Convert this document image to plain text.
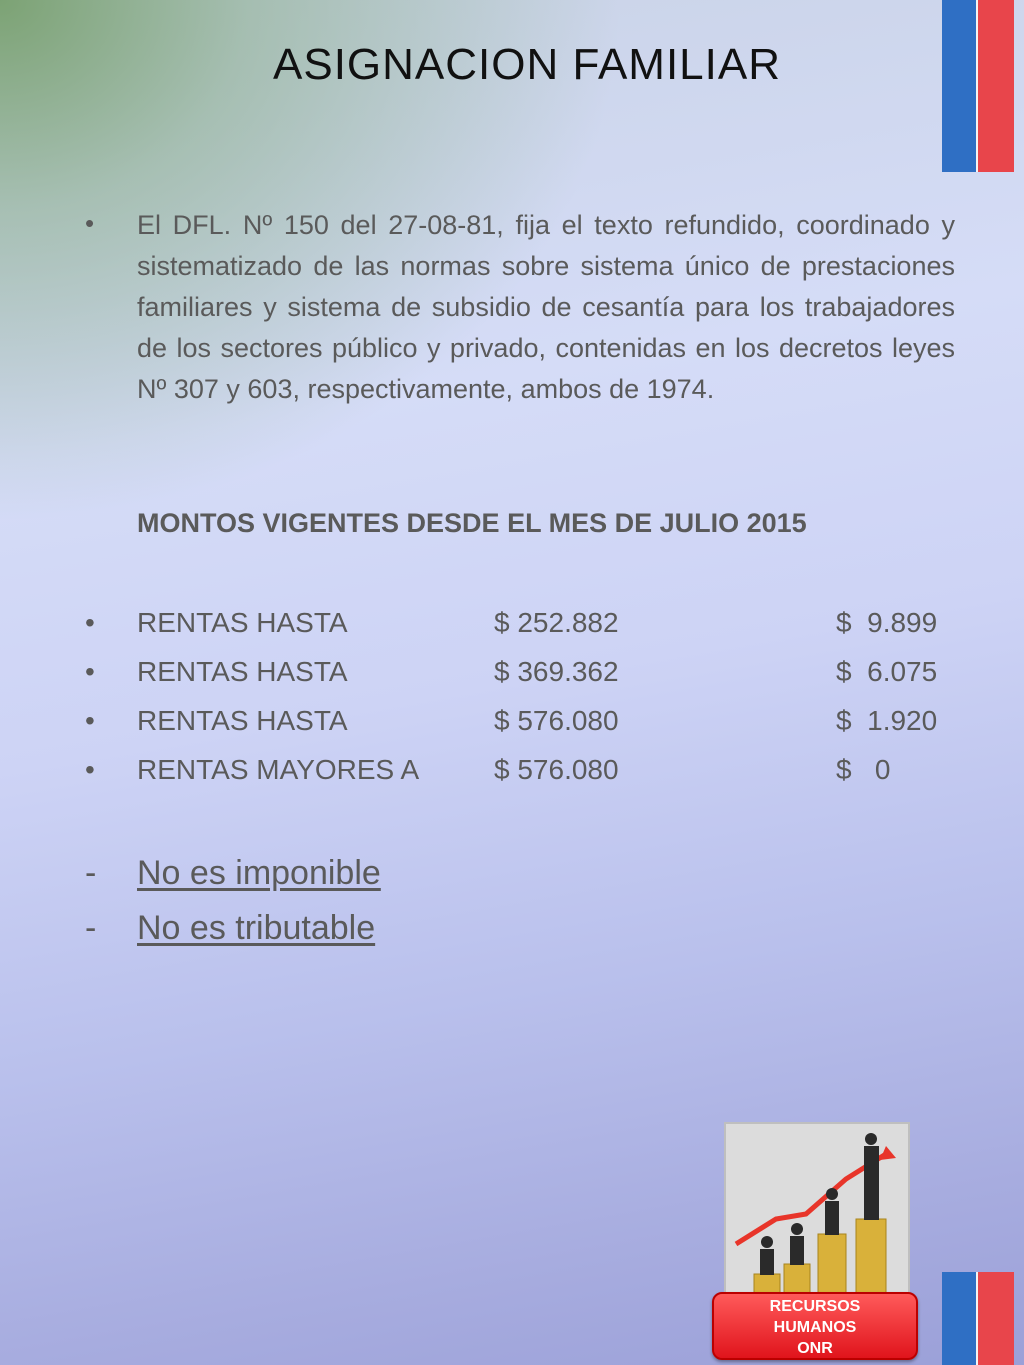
ASIGNACION FAMILIAR
• El DFL. Nº 150 del 27-08-81, fija el texto refundido, coordinado y sistematizado de las normas sobre sistema único de prestaciones familiares y sistema de subsidio de cesantía para los trabajadores de los sectores público y privado, contenidas en los decretos leyes Nº 307 y 603, respectivamente, ambos de 1974.
MONTOS VIGENTES DESDE EL MES DE JULIO 2015
• RENTAS HASTA	$ 252.882	$  9.899
• RENTAS HASTA	$ 369.362	$  6.075
• RENTAS HASTA	$ 576.080	$  1.920
• RENTAS MAYORES A	$ 576.080	$   0
- No es imponible
- No es tributable
RECURSOS
HUMANOS
ONR
